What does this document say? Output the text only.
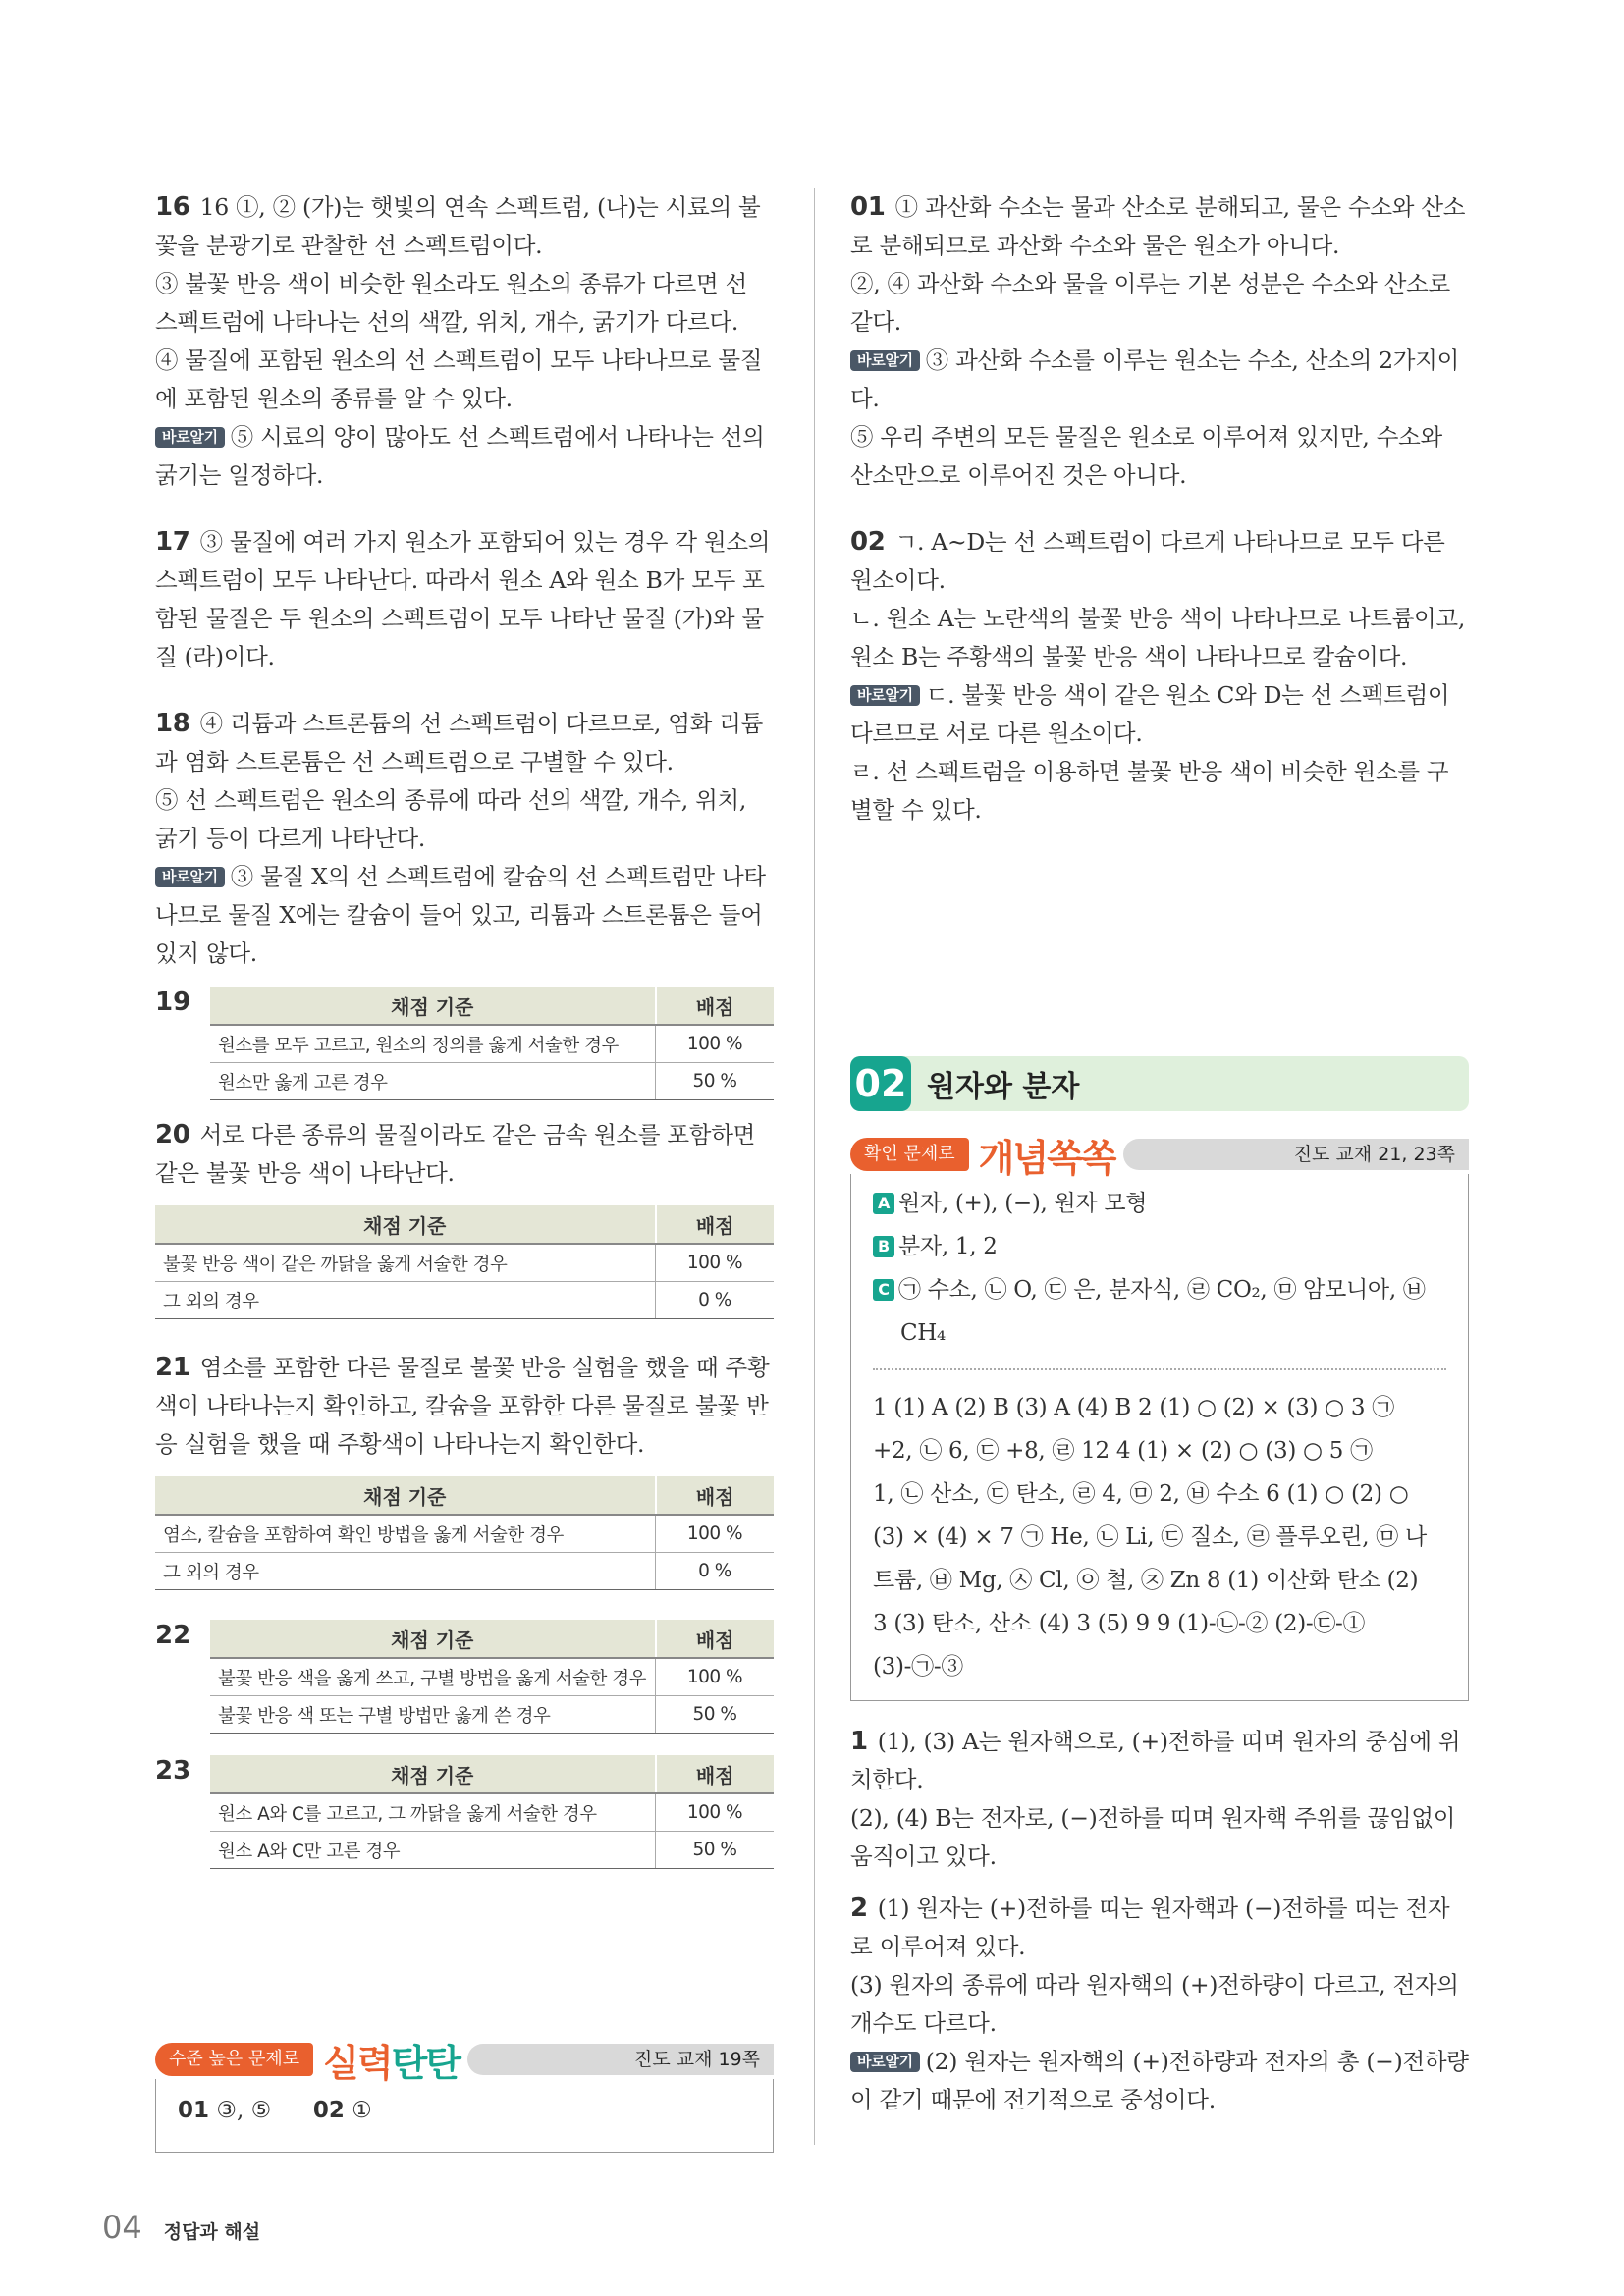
16 16 ①, ② (가)는 햇빛의 연속 스펙트럼, (나)는 시료의 불꽃을 분광기로 관찰한 선 스펙트럼이다.
③ 불꽃 반응 색이 비슷한 원소라도 원소의 종류가 다르면 선 스펙트럼에 나타나는 선의 색깔, 위치, 개수, 굵기가 다르다.
④ 물질에 포함된 원소의 선 스펙트럼이 모두 나타나므로 물질에 포함된 원소의 종류를 알 수 있다.
바로알기 ⑤ 시료의 양이 많아도 선 스펙트럼에서 나타나는 선의 굵기는 일정하다.

17 ③ 물질에 여러 가지 원소가 포함되어 있는 경우 각 원소의 스펙트럼이 모두 나타난다. 따라서 원소 A와 원소 B가 모두 포함된 물질은 두 원소의 스펙트럼이 모두 나타난 물질 (가)와 물질 (라)이다.

18 ④ 리튬과 스트론튬의 선 스펙트럼이 다르므로, 염화 리튬과 염화 스트론튬은 선 스펙트럼으로 구별할 수 있다.
⑤ 선 스펙트럼은 원소의 종류에 따라 선의 색깔, 개수, 위치, 굵기 등이 다르게 나타난다.
바로알기 ③ 물질 X의 선 스펙트럼에 칼슘의 선 스펙트럼만 나타나므로 물질 X에는 칼슘이 들어 있고, 리튬과 스트론튬은 들어 있지 않다.

19	채점 기준	배점
원소를 모두 고르고, 원소의 정의를 옳게 서술한 경우	100 %
원소만 옳게 고른 경우	50 %

20 서로 다른 종류의 물질이라도 같은 금속 원소를 포함하면 같은 불꽃 반응 색이 나타난다.

채점 기준	배점
불꽃 반응 색이 같은 까닭을 옳게 서술한 경우	100 %
그 외의 경우	0 %

21 염소를 포함한 다른 물질로 불꽃 반응 실험을 했을 때 주황색이 나타나는지 확인하고, 칼슘을 포함한 다른 물질로 불꽃 반응 실험을 했을 때 주황색이 나타나는지 확인한다.

채점 기준	배점
염소, 칼슘을 포함하여 확인 방법을 옳게 서술한 경우	100 %
그 외의 경우	0 %
22	채점 기준	배점
불꽃 반응 색을 옳게 쓰고, 구별 방법을 옳게 서술한 경우	100 %
불꽃 반응 색 또는 구별 방법만 옳게 쓴 경우	50 %
23	채점 기준	배점
원소 A와 C를 고르고, 그 까닭을 옳게 서술한 경우	100 %
원소 A와 C만 고른 경우	50 %
수준 높은 문제로 실력탄탄	진도 교재 19쪽
01 ③, ⑤ 02 ①

01 ① 과산화 수소는 물과 산소로 분해되고, 물은 수소와 산소로 분해되므로 과산화 수소와 물은 원소가 아니다.
②, ④ 과산화 수소와 물을 이루는 기본 성분은 수소와 산소로 같다.
바로알기 ③ 과산화 수소를 이루는 원소는 수소, 산소의 2가지이다.
⑤ 우리 주변의 모든 물질은 원소로 이루어져 있지만, 수소와 산소만으로 이루어진 것은 아니다.

02 ㄱ. A~D는 선 스펙트럼이 다르게 나타나므로 모두 다른 원소이다.
ㄴ. 원소 A는 노란색의 불꽃 반응 색이 나타나므로 나트륨이고, 원소 B는 주황색의 불꽃 반응 색이 나타나므로 칼슘이다.
바로알기 ㄷ. 불꽃 반응 색이 같은 원소 C와 D는 선 스펙트럼이 다르므로 서로 다른 원소이다.
ㄹ. 선 스펙트럼을 이용하면 불꽃 반응 색이 비슷한 원소를 구별할 수 있다.

02 원자와 분자
확인 문제로 개념쏙쏙	진도 교재 21, 23쪽
A 원자, (+), (−), 원자 모형
B 분자, 1, 2
C ㉠ 수소, ㉡ O, ㉢ 은, 분자식, ㉣ CO₂, ㉤ 암모니아, ㉥
CH₄
1 (1) A (2) B (3) A (4) B 2 (1) ○ (2) × (3) ○ 3 ㉠
+2, ㉡ 6, ㉢ +8, ㉣ 12 4 (1) × (2) ○ (3) ○ 5 ㉠
1, ㉡ 산소, ㉢ 탄소, ㉣ 4, ㉤ 2, ㉥ 수소 6 (1) ○ (2) ○
(3) × (4) × 7 ㉠ He, ㉡ Li, ㉢ 질소, ㉣ 플루오린, ㉤ 나
트륨, ㉥ Mg, ㉦ Cl, ㉧ 철, ㉨ Zn 8 (1) 이산화 탄소 (2)
3 (3) 탄소, 산소 (4) 3 (5) 9 9 (1)-㉡-② (2)-㉢-①
(3)-㉠-③

1 (1), (3) A는 원자핵으로, (+)전하를 띠며 원자의 중심에 위치한다.
(2), (4) B는 전자로, (−)전하를 띠며 원자핵 주위를 끊임없이 움직이고 있다.

2 (1) 원자는 (+)전하를 띠는 원자핵과 (−)전하를 띠는 전자로 이루어져 있다.
(3) 원자의 종류에 따라 원자핵의 (+)전하량이 다르고, 전자의 개수도 다르다.
바로알기 (2) 원자는 원자핵의 (+)전하량과 전자의 총 (−)전하량이 같기 때문에 전기적으로 중성이다.

04 정답과 해설
